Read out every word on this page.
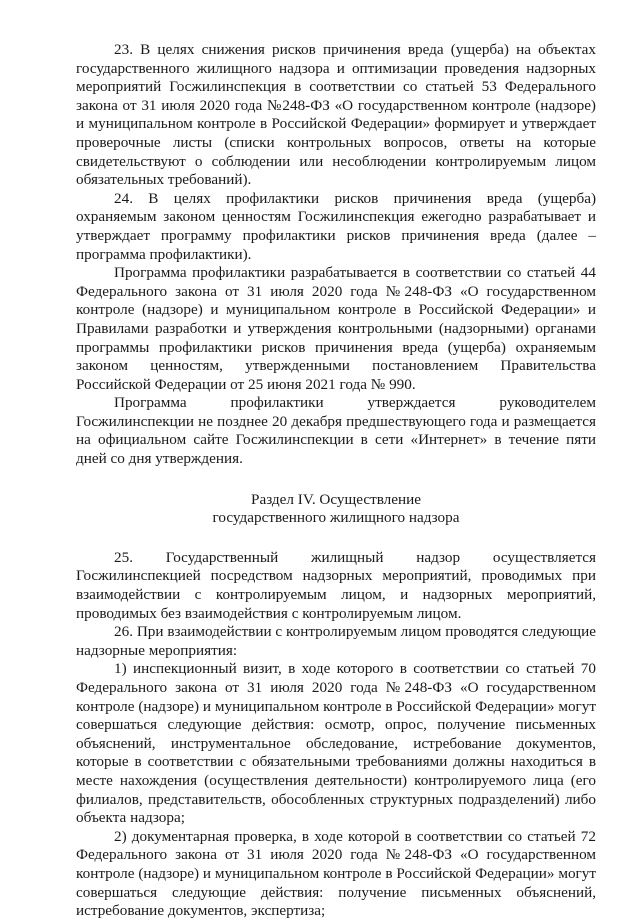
23. В целях снижения рисков причинения вреда (ущерба) на объектах государственного жилищного надзора и оптимизации проведения надзорных мероприятий Госжилинспекция в соответствии со статьей 53 Федерального закона от 31 июля 2020 года №248-ФЗ «О государственном контроле (надзоре) и муниципальном контроле в Российской Федерации» формирует и утверждает проверочные листы (списки контрольных вопросов, ответы на которые свидетельствуют о соблюдении или несоблюдении контролируемым лицом обязательных требований).

24. В целях профилактики рисков причинения вреда (ущерба) охраняемым законом ценностям Госжилинспекция ежегодно разрабатывает и утверждает программу профилактики рисков причинения вреда (далее – программа профилактики).

Программа профилактики разрабатывается в соответствии со статьей 44 Федерального закона от 31 июля 2020 года №248-ФЗ «О государственном контроле (надзоре) и муниципальном контроле в Российской Федерации» и Правилами разработки и утверждения контрольными (надзорными) органами программы профилактики рисков причинения вреда (ущерба) охраняемым законом ценностям, утвержденными постановлением Правительства Российской Федерации от 25 июня 2021 года № 990.

Программа профилактики утверждается руководителем Госжилинспекции не позднее 20 декабря предшествующего года и размещается на официальном сайте Госжилинспекции в сети «Интернет» в течение пяти дней со дня утверждения.

Раздел IV. Осуществление
государственного жилищного надзора

25. Государственный жилищный надзор осуществляется Госжилинспекцией посредством надзорных мероприятий, проводимых при взаимодействии с контролируемым лицом, и надзорных мероприятий, проводимых без взаимодействия с контролируемым лицом.

26. При взаимодействии с контролируемым лицом проводятся следующие надзорные мероприятия:

1) инспекционный визит, в ходе которого в соответствии со статьей 70 Федерального закона от 31 июля 2020 года №248-ФЗ «О государственном контроле (надзоре) и муниципальном контроле в Российской Федерации» могут совершаться следующие действия: осмотр, опрос, получение письменных объяснений, инструментальное обследование, истребование документов, которые в соответствии с обязательными требованиями должны находиться в месте нахождения (осуществления деятельности) контролируемого лица (его филиалов, представительств, обособленных структурных подразделений) либо объекта надзора;

2) документарная проверка, в ходе которой в соответствии со статьей 72 Федерального закона от 31 июля 2020 года №248-ФЗ «О государственном контроле (надзоре) и муниципальном контроле в Российской Федерации» могут совершаться следующие действия: получение письменных объяснений, истребование документов, экспертиза;
